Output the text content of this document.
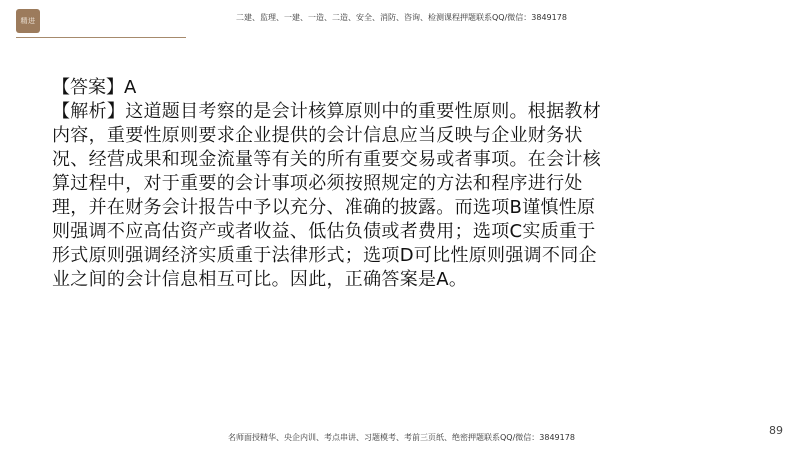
精进	二建、监理、一建、一造、二造、安全、消防、咨询、检测课程押题联系QQ/微信：3849178

【答案】A

【解析】这道题目考察的是会计核算原则中的重要性原则。根据教材内容，重要性原则要求企业提供的会计信息应当反映与企业财务状况、经营成果和现金流量等有关的所有重要交易或者事项。在会计核算过程中，对于重要的会计事项必须按照规定的方法和程序进行处理，并在财务会计报告中予以充分、准确的披露。而选项B谨慎性原则强调不应高估资产或者收益、低估负债或者费用；选项C实质重于形式原则强调经济实质重于法律形式；选项D可比性原则强调不同企业之间的会计信息相互可比。因此，正确答案是A。

89
名师面授精华、央企内训、考点串讲、习题模考、考前三页纸、绝密押题联系QQ/微信：3849178
